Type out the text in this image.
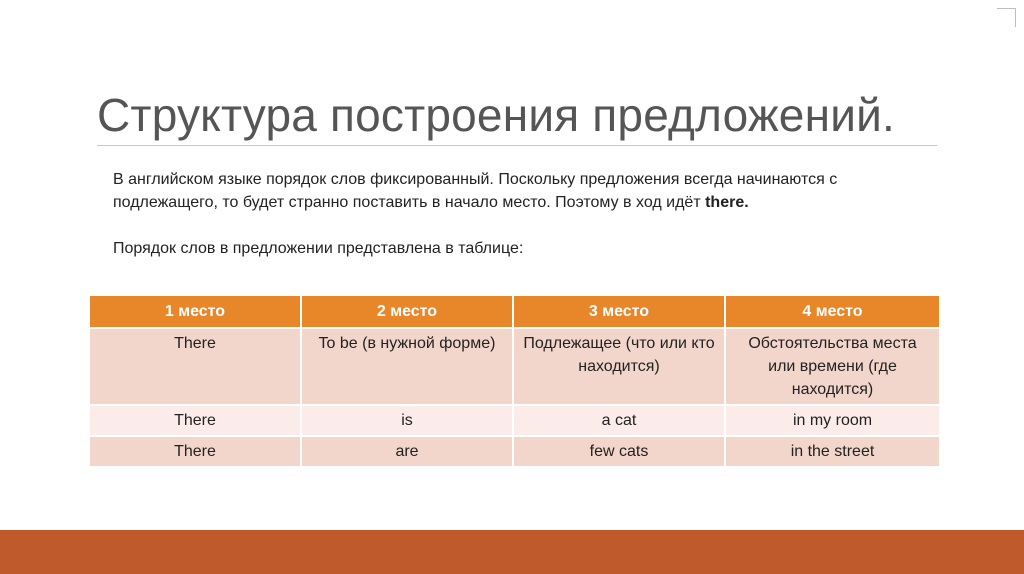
Структура построения предложений.

В английском языке порядок слов фиксированный. Поскольку предложения всегда начинаются с подлежащего, то будет странно поставить в начало место. Поэтому в ход идёт there.

Порядок слов в предложении представлена в таблице:

1 место	2 место	3 место	4 место
There	To be (в нужной форме)	Подлежащее (что или кто находится)	Обстоятельства места или времени (где находится)
There	is	a cat	in my room
There	are	few cats	in the street
